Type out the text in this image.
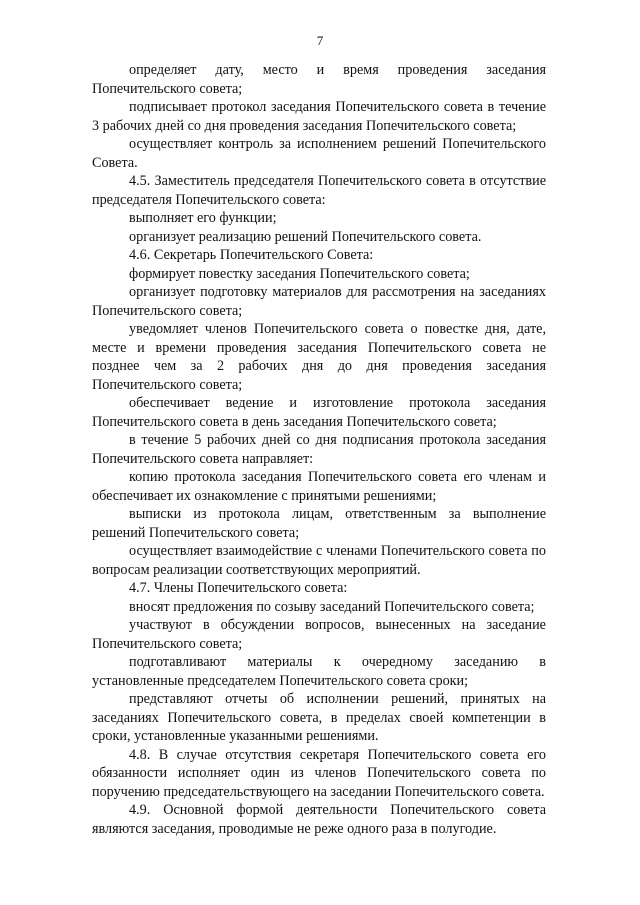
7

определяет дату, место и время проведения заседания Попечительского совета;

подписывает протокол заседания Попечительского совета в течение 3 рабочих дней со дня проведения заседания Попечительского совета;

осуществляет контроль за исполнением решений Попечительского Совета.

4.5. Заместитель председателя Попечительского совета в отсутствие председателя Попечительского совета:

выполняет его функции;

организует реализацию решений Попечительского совета.

4.6. Секретарь Попечительского Совета:

формирует повестку заседания Попечительского совета;

организует подготовку материалов для рассмотрения на заседаниях Попечительского совета;

уведомляет членов Попечительского совета о повестке дня, дате, месте и времени проведения заседания Попечительского совета не позднее чем за 2 рабочих дня до дня проведения заседания Попечительского совета;

обеспечивает ведение и изготовление протокола заседания Попечительского совета в день заседания Попечительского совета;

в течение 5 рабочих дней со дня подписания протокола заседания Попечительского совета направляет:

копию протокола заседания Попечительского совета его членам и обеспечивает их ознакомление с принятыми решениями;

выписки из протокола лицам, ответственным за выполнение решений Попечительского совета;

осуществляет взаимодействие с членами Попечительского совета по вопросам реализации соответствующих мероприятий.

4.7. Члены Попечительского совета:

вносят предложения по созыву заседаний Попечительского совета;

участвуют в обсуждении вопросов, вынесенных на заседание Попечительского совета;

подготавливают материалы к очередному заседанию в установленные председателем Попечительского совета сроки;

представляют отчеты об исполнении решений, принятых на заседаниях Попечительского совета, в пределах своей компетенции в сроки, установленные указанными решениями.

4.8. В случае отсутствия секретаря Попечительского совета его обязанности исполняет один из членов Попечительского совета по поручению председательствующего на заседании Попечительского совета.

4.9. Основной формой деятельности Попечительского совета являются заседания, проводимые не реже одного раза в полугодие.
